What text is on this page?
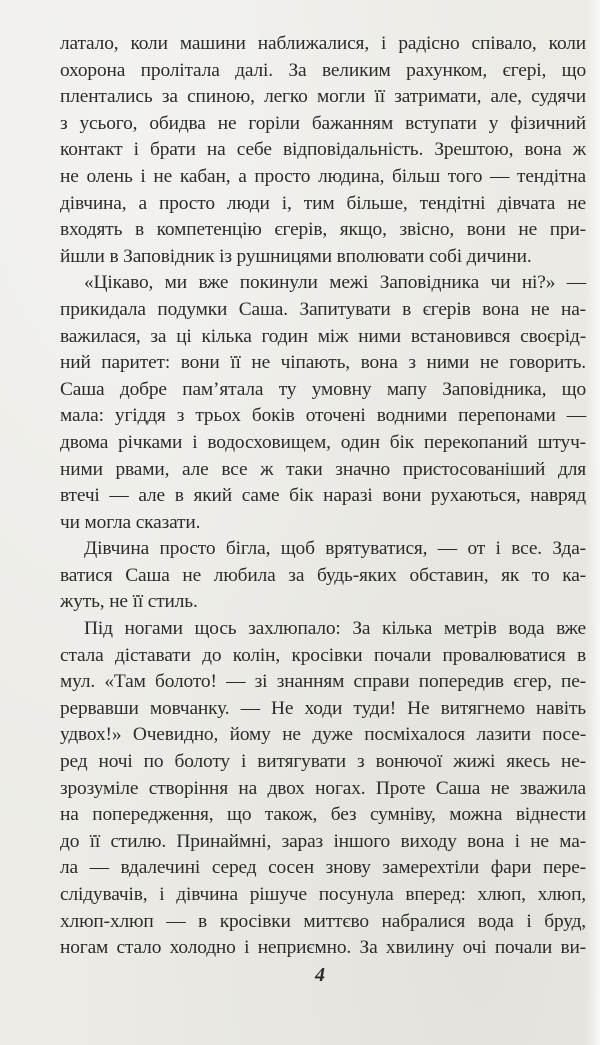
латало, коли машини наближалися, і радісно співало, коли
охорона пролітала далі. За великим рахунком, єгері, що
плентались за спиною, легко могли її затримати, але, судячи
з усього, обидва не горіли бажанням вступати у фізичний
контакт і брати на себе відповідальність. Зрештою, вона ж
не олень і не кабан, а просто людина, більш того — тендітна
дівчина, а просто люди і, тим більше, тендітні дівчата не
входять в компетенцію єгерів, якщо, звісно, вони не при-
йшли в Заповідник із рушницями вполювати собі дичини.
«Цікаво, ми вже покинули межі Заповідника чи ні?» —
прикидала подумки Саша. Запитувати в єгерів вона не на-
важилася, за ці кілька годин між ними встановився своєрід-
ний паритет: вони її не чіпають, вона з ними не говорить.
Саша добре пам’ятала ту умовну мапу Заповідника, що
мала: угіддя з трьох боків оточені водними перепонами —
двома річками і водосховищем, один бік перекопаний штуч-
ними рвами, але все ж таки значно пристосованіший для
втечі — але в який саме бік наразі вони рухаються, навряд
чи могла сказати.
Дівчина просто бігла, щоб врятуватися, — от і все. Зда-
ватися Саша не любила за будь-яких обставин, як то ка-
жуть, не її стиль.
Під ногами щось захлюпало: За кілька метрів вода вже
стала діставати до колін, кросівки почали провалюватися в
мул. «Там болото! — зі знанням справи попередив єгер, пе-
рервавши мовчанку. — Не ходи туди! Не витягнемо навіть
удвох!» Очевидно, йому не дуже посміхалося лазити посе-
ред ночі по болоту і витягувати з вонючої жижі якесь не-
зрозуміле створіння на двох ногах. Проте Саша не зважила
на попередження, що також, без сумніву, можна віднести
до її стилю. Принаймні, зараз іншого виходу вона і не ма-
ла — вдалечині серед сосен знову замерехтіли фари пере-
слідувачів, і дівчина рішуче посунула вперед: хлюп, хлюп,
хлюп-хлюп — в кросівки миттєво набралися вода і бруд,
ногам стало холодно і неприємно. За хвилину очі почали ви-
4
